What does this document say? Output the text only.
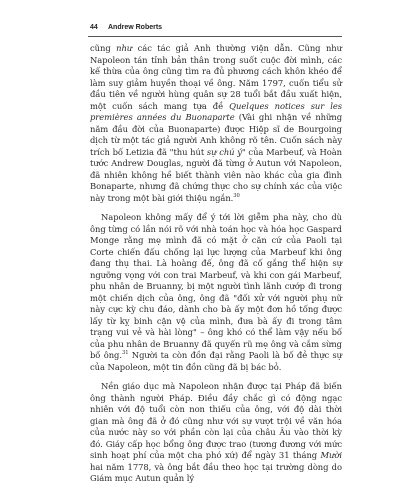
44 Andrew Roberts

cũng như các tác giả Anh thường viện dẫn. Cũng như Napoleon tán tỉnh bản thân trong suốt cuộc đời mình, các kế thừa của ông cũng tìm ra đủ phương cách khôn khéo để làm suy giảm huyền thoại về ông. Năm 1797, cuốn tiểu sử đầu tiên về người hùng quân sự 28 tuổi bắt đầu xuất hiện, một cuốn sách mang tựa đề Quelques notices sur les premières années du Buonaparte (Vài ghi nhận về những năm đầu đời của Buonaparte) được Hiệp sĩ de Bourgoing dịch từ một tác giả người Anh không rõ tên. Cuốn sách này trích bố Letizia đã "thu hút sự chú ý" của Marbeuf, và Hoàn tước Andrew Douglas, người đã từng ở Autun với Napoleon, đã nhiên không hề biết thành viên nào khác của gia đình Bonaparte, nhưng đã chứng thực cho sự chính xác của việc này trong một bài giới thiệu ngắn.$^{30}$

Napoleon không mấy để ý tới lời giễm pha này, cho dù ông từng có lần nói rõ với nhà toán học và hóa học Gaspard Monge rằng mẹ mình đã có mặt ở căn cứ của Paoli tại Corte chiến đấu chống lại lực lượng của Marbeuf khi ông đang thụ thai. Là hoàng đế, ông đã cố gắng thể hiện sự ngưỡng vọng với con trai Marbeuf, và khi con gái Marbeuf, phu nhân de Bruanny, bị một người tình lãnh cướp đi trong một chiến dịch của ông, ông đã "đối xử với người phụ nữ này cực kỳ chu đáo, dành cho bà ấy một đơn hồ tống được lấy từ kỵ binh cận vệ của mình, đưa bà ấy đi trong tâm trạng vui vẻ và hài lòng" – ông khó có thể làm vậy nếu bố của phu nhân de Bruanny đã quyến rũ mẹ ông và cắm sừng bố ông.$^{31}$ Người ta còn đồn đại rằng Paoli là bố đẻ thực sự của Napoleon, một tin đồn cũng đã bị bác bỏ.

Nền giáo dục mà Napoleon nhận được tại Pháp đã biến ông thành người Pháp. Điều đầy chắc gì có động ngạc nhiên với độ tuổi còn non thiếu của ông, với độ dài thời gian mà ông đã ở đó cũng như với sự vượt trội về văn hóa của nước này so với phần còn lại của châu Âu vào thời kỳ đó. Giáy cấp học bổng ông được trao (tương đương với mức sinh hoạt phí của một cha phó xứ) để ngày 31 tháng Mười hai năm 1778, và ông bắt đầu theo học tại trường dòng do Giám mục Autun quản lý
